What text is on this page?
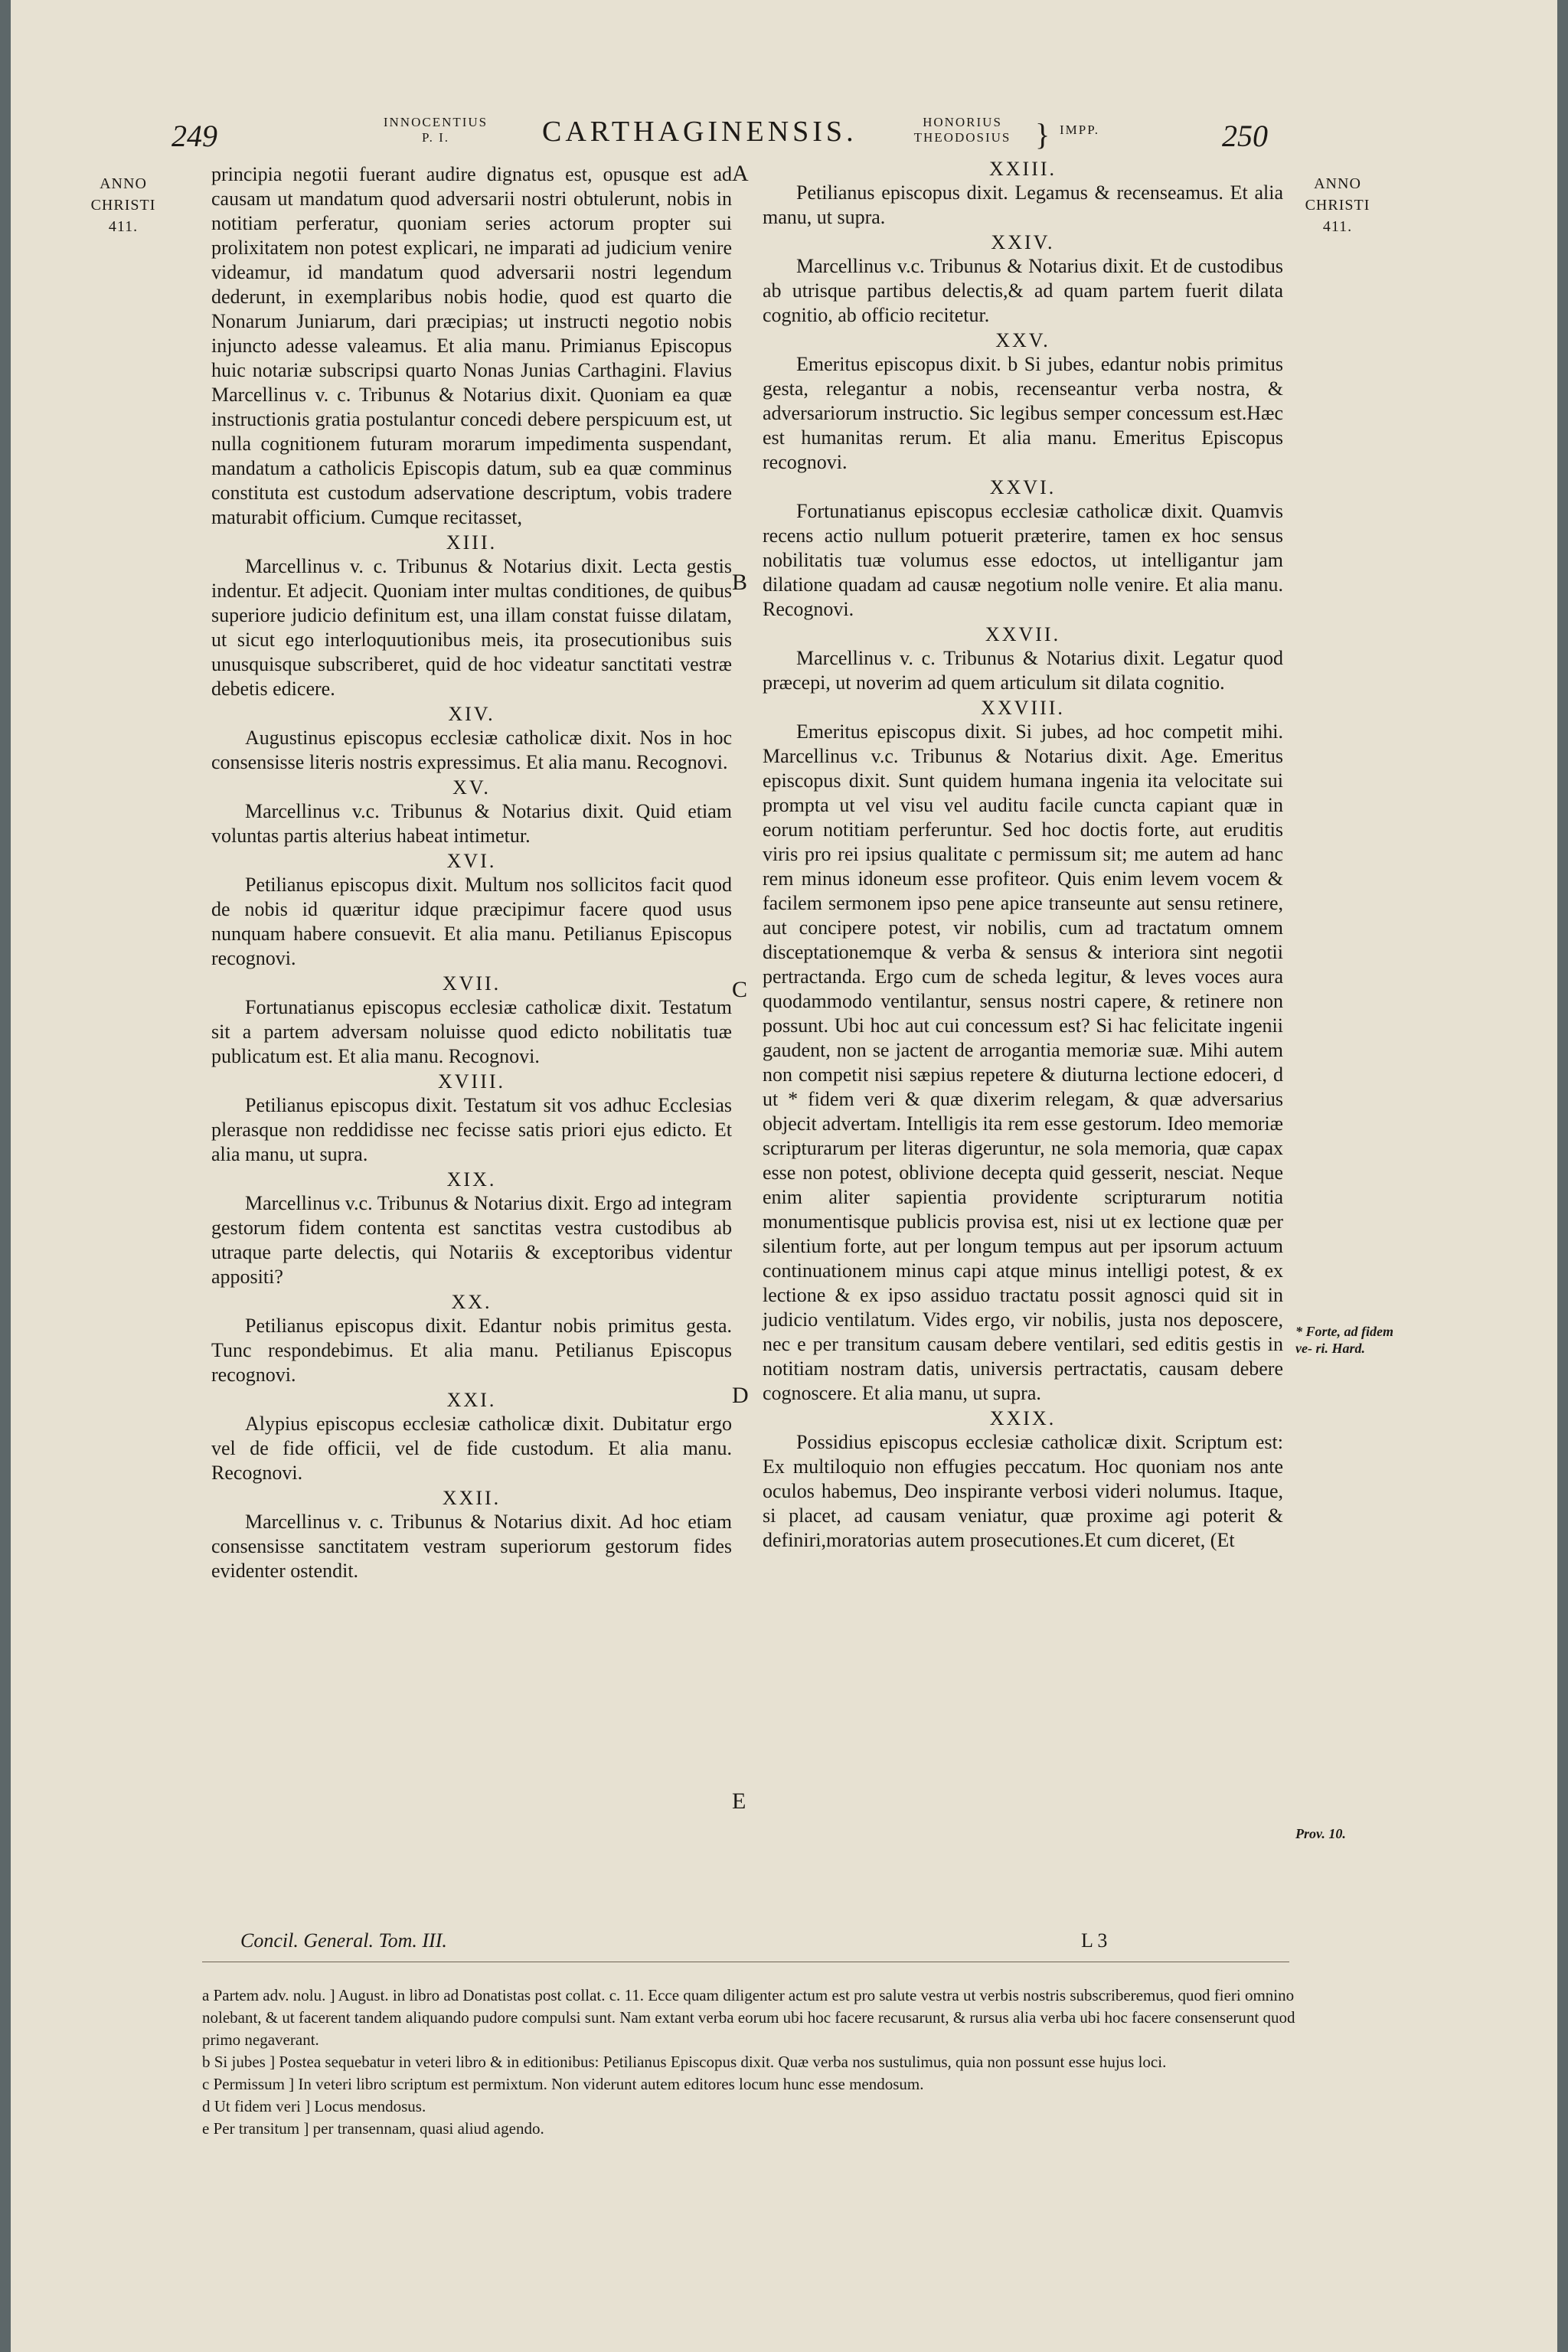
249	INNOCENTIUS
P. I.	CARTHAGINENSIS.	HONORIUS
THEODOSIUS } IMPP.	250
ANNO
CHRISTI
411.
ANNO
CHRISTI
411.
A
B
C
D
E
* Forte, ad fidem ve- ri. Hard.
Prov. 10.

principia negotii fuerant audire dignatus est, opusque est ad causam ut mandatum quod adversarii nostri obtulerunt, nobis in notitiam perferatur, quoniam series actorum propter sui prolixitatem non potest explicari, ne imparati ad judicium venire videamur, id mandatum quod adversarii nostri legendum dederunt, in exemplaribus nobis hodie, quod est quarto die Nonarum Juniarum, dari præcipias; ut instructi negotio nobis injuncto adesse valeamus. Et alia manu. Primianus Episcopus huic notariæ subscripsi quarto Nonas Junias Carthagini. Flavius Marcellinus v. c. Tribunus & Notarius dixit. Quoniam ea quæ instructionis gratia postulantur concedi debere perspicuum est, ut nulla cognitionem futuram morarum impedimenta suspendant, mandatum a catholicis Episcopis datum, sub ea quæ comminus constituta est custodum adservatione descriptum, vobis tradere maturabit officium. Cumque recitasset,

XIII.

Marcellinus v. c. Tribunus & Notarius dixit. Lecta gestis indentur. Et adjecit. Quoniam inter multas conditiones, de quibus superiore judicio definitum est, una illam constat fuisse dilatam, ut sicut ego interloquutionibus meis, ita prosecutionibus suis unusquisque subscriberet, quid de hoc videatur sanctitati vestræ debetis edicere.

XIV.

Augustinus episcopus ecclesiæ catholicæ dixit. Nos in hoc consensisse literis nostris expressimus. Et alia manu. Recognovi.

XV.

Marcellinus v.c. Tribunus & Notarius dixit. Quid etiam voluntas partis alterius habeat intimetur.

XVI.

Petilianus episcopus dixit. Multum nos sollicitos facit quod de nobis id quæritur idque præcipimur facere quod usus nunquam habere consuevit. Et alia manu. Petilianus Episcopus recognovi.

XVII.

Fortunatianus episcopus ecclesiæ catholicæ dixit. Testatum sit a partem adversam noluisse quod edicto nobilitatis tuæ publicatum est. Et alia manu. Recognovi.

XVIII.

Petilianus episcopus dixit. Testatum sit vos adhuc Ecclesias plerasque non reddidisse nec fecisse satis priori ejus edicto. Et alia manu, ut supra.

XIX.

Marcellinus v.c. Tribunus & Notarius dixit. Ergo ad integram gestorum fidem contenta est sanctitas vestra custodibus ab utraque parte delectis, qui Notariis & exceptoribus videntur appositi?

XX.

Petilianus episcopus dixit. Edantur nobis primitus gesta. Tunc respondebimus. Et alia manu. Petilianus Episcopus recognovi.

XXI.

Alypius episcopus ecclesiæ catholicæ dixit. Dubitatur ergo vel de fide officii, vel de fide custodum. Et alia manu. Recognovi.

XXII.

Marcellinus v. c. Tribunus & Notarius dixit. Ad hoc etiam consensisse sanctitatem vestram superiorum gestorum fides evidenter ostendit.

XXIII.

Petilianus episcopus dixit. Legamus & recenseamus. Et alia manu, ut supra.

XXIV.

Marcellinus v.c. Tribunus & Notarius dixit. Et de custodibus ab utrisque partibus delectis,& ad quam partem fuerit dilata cognitio, ab officio recitetur.

XXV.

Emeritus episcopus dixit. b Si jubes, edantur nobis primitus gesta, relegantur a nobis, recenseantur verba nostra, & adversariorum instructio. Sic legibus semper concessum est.Hæc est humanitas rerum. Et alia manu. Emeritus Episcopus recognovi.

XXVI.

Fortunatianus episcopus ecclesiæ catholicæ dixit. Quamvis recens actio nullum potuerit præterire, tamen ex hoc sensus nobilitatis tuæ volumus esse edoctos, ut intelligantur jam dilatione quadam ad causæ negotium nolle venire. Et alia manu. Recognovi.

XXVII.

Marcellinus v. c. Tribunus & Notarius dixit. Legatur quod præcepi, ut noverim ad quem articulum sit dilata cognitio.

XXVIII.

Emeritus episcopus dixit. Si jubes, ad hoc competit mihi. Marcellinus v.c. Tribunus & Notarius dixit. Age. Emeritus episcopus dixit. Sunt quidem humana ingenia ita velocitate sui prompta ut vel visu vel auditu facile cuncta capiant quæ in eorum notitiam perferuntur. Sed hoc doctis forte, aut eruditis viris pro rei ipsius qualitate c permissum sit; me autem ad hanc rem minus idoneum esse profiteor. Quis enim levem vocem & facilem sermonem ipso pene apice transeunte aut sensu retinere, aut concipere potest, vir nobilis, cum ad tractatum omnem disceptationemque & verba & sensus & interiora sint negotii pertractanda. Ergo cum de scheda legitur, & leves voces aura quodammodo ventilantur, sensus nostri capere, & retinere non possunt. Ubi hoc aut cui concessum est? Si hac felicitate ingenii gaudent, non se jactent de arrogantia memoriæ suæ. Mihi autem non competit nisi sæpius repetere & diuturna lectione edoceri, d ut * fidem veri & quæ dixerim relegam, & quæ adversarius objecit advertam. Intelligis ita rem esse gestorum. Ideo memoriæ scripturarum per literas digeruntur, ne sola memoria, quæ capax esse non potest, oblivione decepta quid gesserit, nesciat. Neque enim aliter sapientia providente scripturarum notitia monumentisque publicis provisa est, nisi ut ex lectione quæ per silentium forte, aut per longum tempus aut per ipsorum actuum continuationem minus capi atque minus intelligi potest, & ex lectione & ex ipso assiduo tractatu possit agnosci quid sit in judicio ventilatum. Vides ergo, vir nobilis, justa nos deposcere, nec e per transitum causam debere ventilari, sed editis gestis in notitiam nostram datis, universis pertractatis, causam debere cognoscere. Et alia manu, ut supra.

XXIX.

Possidius episcopus ecclesiæ catholicæ dixit. Scriptum est: Ex multiloquio non effugies peccatum. Hoc quoniam nos ante oculos habemus, Deo inspirante verbosi videri nolumus. Itaque, si placet, ad causam veniatur, quæ proxime agi poterit & definiri,moratorias autem prosecutiones.Et cum diceret, (Et

Concil. General. Tom. III.	L 3

a Partem adv. nolu. ] August. in libro ad Donatistas post collat. c. 11. Ecce quam diligenter actum est pro salute vestra ut verbis nostris subscriberemus, quod fieri omnino nolebant, & ut facerent tandem aliquando pudore compulsi sunt. Nam extant verba eorum ubi hoc facere recusarunt, & rursus alia verba ubi hoc facere consenserunt quod primo negaverant.

b Si jubes ] Postea sequebatur in veteri libro & in editionibus: Petilianus Episcopus dixit. Quæ verba nos sustulimus, quia non possunt esse hujus loci.

c Permissum ] In veteri libro scriptum est permixtum. Non viderunt autem editores locum hunc esse mendosum.

d Ut fidem veri ] Locus mendosus.

e Per transitum ] per transennam, quasi aliud agendo.
